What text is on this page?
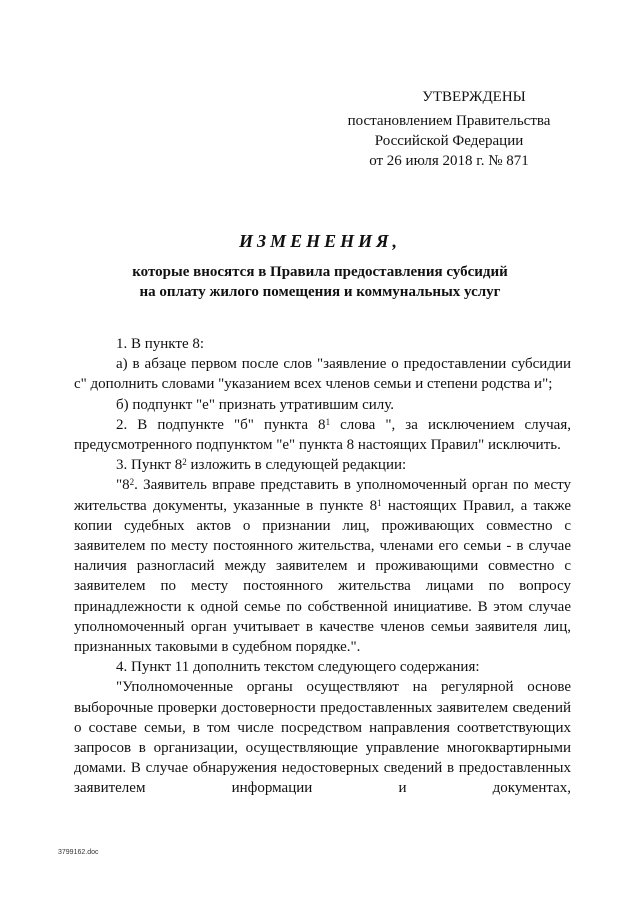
УТВЕРЖДЕНЫ
постановлением Правительства
Российской Федерации
от 26 июля 2018 г. № 871
ИЗМЕНЕНИЯ,
которые вносятся в Правила предоставления субсидий
на оплату жилого помещения и коммунальных услуг

1. В пункте 8:

а) в абзаце первом после слов "заявление о предоставлении субсидии с" дополнить словами "указанием всех членов семьи и степени родства и";

б) подпункт "е" признать утратившим силу.

2. В подпункте "б" пункта $8^1$ слова ", за исключением случая, предусмотренного подпунктом "е" пункта 8 настоящих Правил" исключить.

3. Пункт $8^2$ изложить в следующей редакции:

"$8^2$. Заявитель вправе представить в уполномоченный орган по месту жительства документы, указанные в пункте $8^1$ настоящих Правил, а также копии судебных актов о признании лиц, проживающих совместно с заявителем по месту постоянного жительства, членами его семьи - в случае наличия разногласий между заявителем и проживающими совместно с заявителем по месту постоянного жительства лицами по вопросу принадлежности к одной семье по собственной инициативе. В этом случае уполномоченный орган учитывает в качестве членов семьи заявителя лиц, признанных таковыми в судебном порядке.".

4. Пункт 11 дополнить текстом следующего содержания:

"Уполномоченные органы осуществляют на регулярной основе выборочные проверки достоверности предоставленных заявителем сведений о составе семьи, в том числе посредством направления соответствующих запросов в организации, осуществляющие управление многоквартирными домами. В случае обнаружения недостоверных сведений в предоставленных заявителем информации и документах,

3799162.doc
